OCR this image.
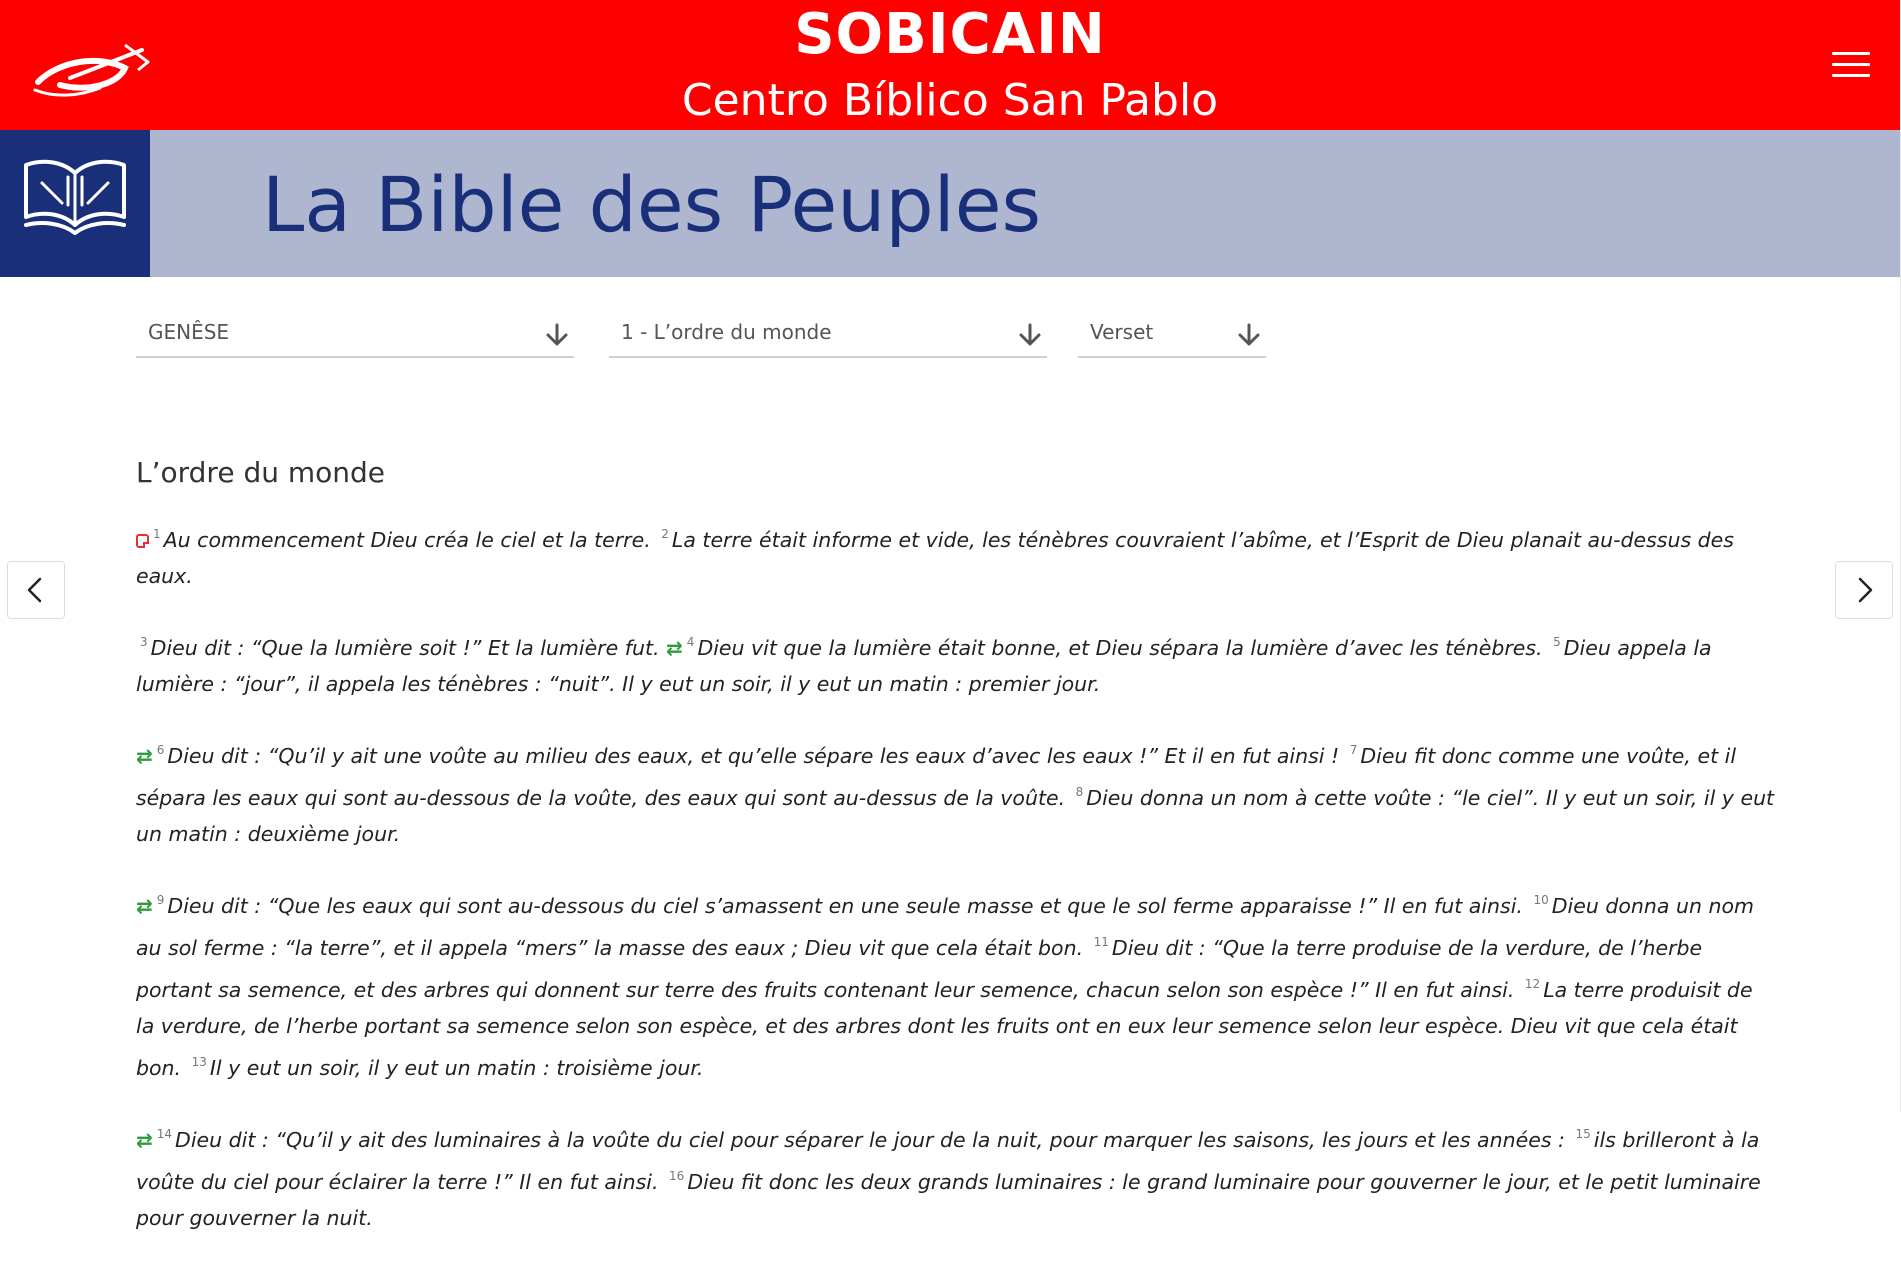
SOBICAIN
Centro Bíblico San Pablo
La Bible des Peuples
GENÊSE	1 - L’ordre du monde	Verset
L’ordre du monde

$^1$ Au commencement Dieu créa le ciel et la terre. $^2$ La terre était informe et vide, les ténèbres couvraient l’abîme, et l’Esprit de Dieu planait au-dessus des eaux.

$^3$ Dieu dit : “Que la lumière soit !” Et la lumière fut. ⇄ $^4$ Dieu vit que la lumière était bonne, et Dieu sépara la lumière d’avec les ténèbres. $^5$ Dieu appela la lumière : “jour”, il appela les ténèbres : “nuit”. Il y eut un soir, il y eut un matin : premier jour.

⇄ $^6$ Dieu dit : “Qu’il y ait une voûte au milieu des eaux, et qu’elle sépare les eaux d’avec les eaux !” Et il en fut ainsi ! $^7$ Dieu fit donc comme une voûte, et il sépara les eaux qui sont au-dessous de la voûte, des eaux qui sont au-dessus de la voûte. $^8$ Dieu donna un nom à cette voûte : “le ciel”. Il y eut un soir, il y eut un matin : deuxième jour.

⇄ $^9$ Dieu dit : “Que les eaux qui sont au-dessous du ciel s’amassent en une seule masse et que le sol ferme apparaisse !” Il en fut ainsi. $^{10}$ Dieu donna un nom au sol ferme : “la terre”, et il appela “mers” la masse des eaux ; Dieu vit que cela était bon. $^{11}$ Dieu dit : “Que la terre produise de la verdure, de l’herbe portant sa semence, et des arbres qui donnent sur terre des fruits contenant leur semence, chacun selon son espèce !” Il en fut ainsi. $^{12}$ La terre produisit de la verdure, de l’herbe portant sa semence selon son espèce, et des arbres dont les fruits ont en eux leur semence selon leur espèce. Dieu vit que cela était bon. $^{13}$ Il y eut un soir, il y eut un matin : troisième jour.

⇄ $^{14}$ Dieu dit : “Qu’il y ait des luminaires à la voûte du ciel pour séparer le jour de la nuit, pour marquer les saisons, les jours et les années : $^{15}$ ils brilleront à la voûte du ciel pour éclairer la terre !” Il en fut ainsi. $^{16}$ Dieu fit donc les deux grands luminaires : le grand luminaire pour gouverner le jour, et le petit luminaire pour gouverner la nuit.
